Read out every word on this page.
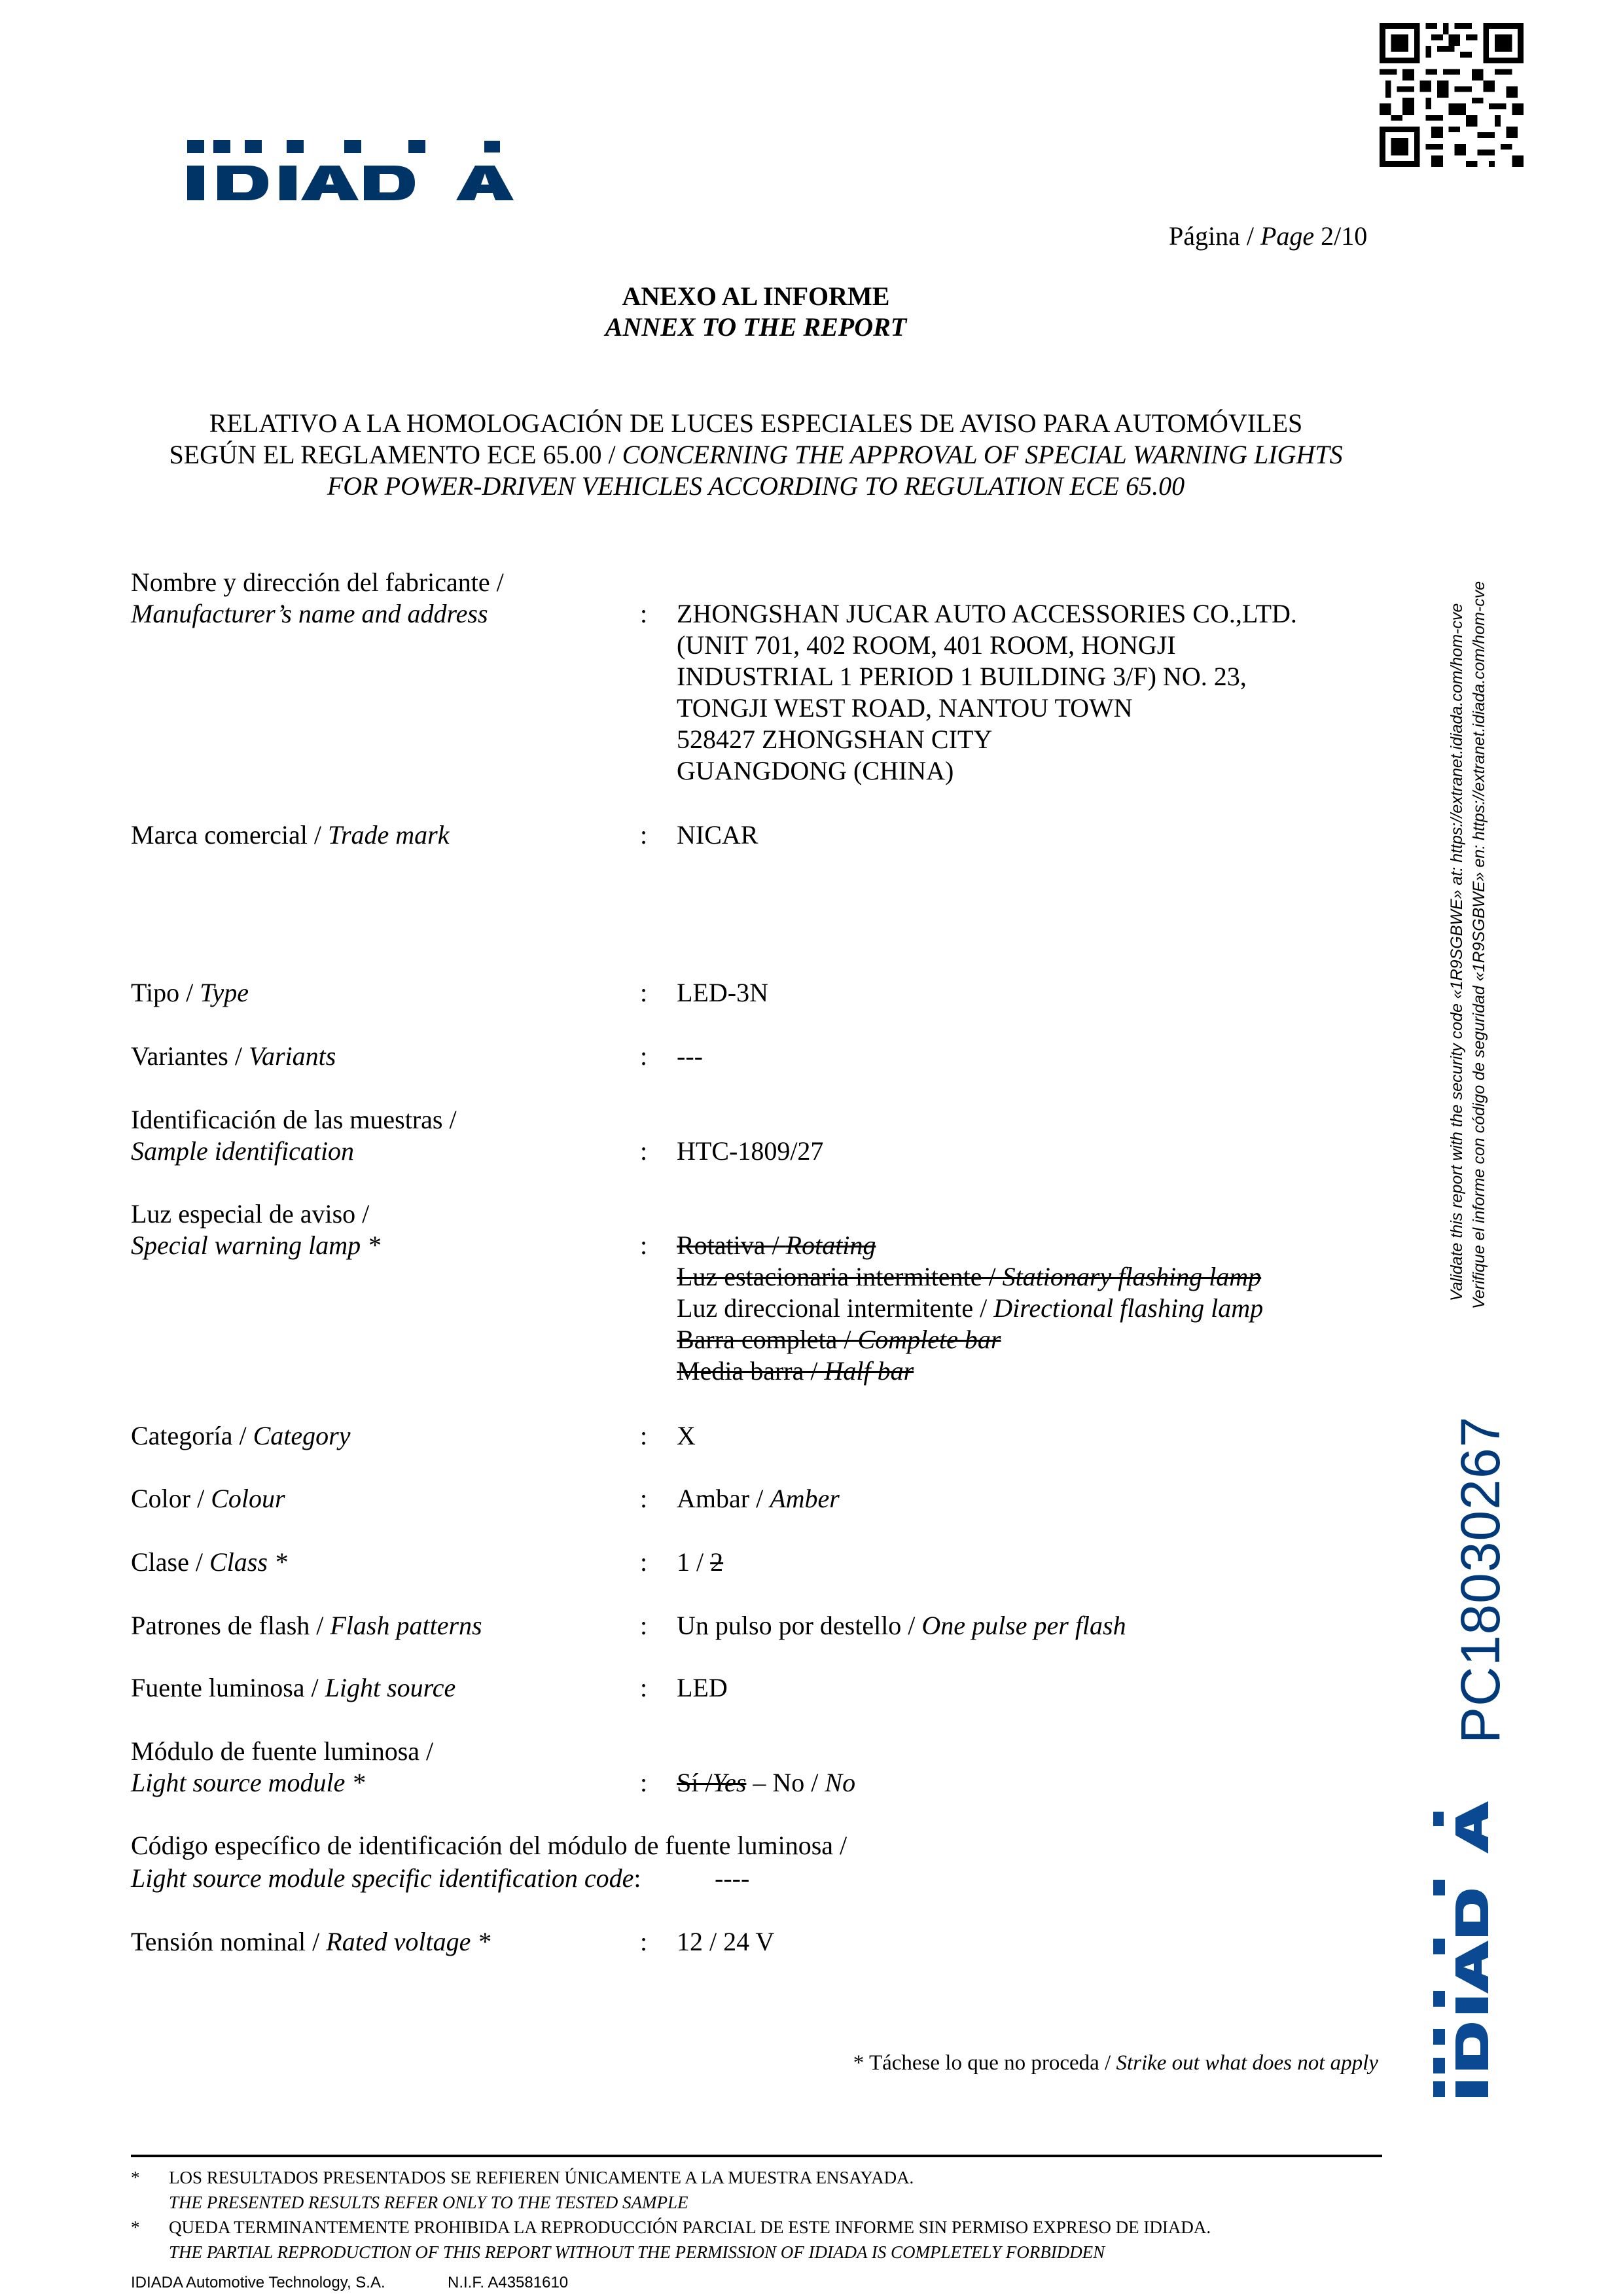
Página / Page 2/10
ANEXO AL INFORME
ANNEX TO THE REPORT
RELATIVO A LA HOMOLOGACIÓN DE LUCES ESPECIALES DE AVISO PARA AUTOMÓVILES
SEGÚN EL REGLAMENTO ECE 65.00 / CONCERNING THE APPROVAL OF SPECIAL WARNING LIGHTS
FOR POWER-DRIVEN VEHICLES ACCORDING TO REGULATION ECE 65.00
Nombre y dirección del fabricante /
Manufacturer’s name and address	: ZHONGSHAN JUCAR AUTO ACCESSORIES CO.,LTD.
(UNIT 701, 402 ROOM, 401 ROOM, HONGJI
INDUSTRIAL 1 PERIOD 1 BUILDING 3/F) NO. 23,
TONGJI WEST ROAD, NANTOU TOWN
528427 ZHONGSHAN CITY
GUANGDONG (CHINA)
Marca comercial / Trade mark	: NICAR
Tipo / Type	: LED-3N
Variantes / Variants	: ---
Identificación de las muestras /
Sample identification	: HTC-1809/27
Luz especial de aviso /
Special warning lamp *	: Rotativa / Rotating
Luz estacionaria intermitente / Stationary flashing lamp
Luz direccional intermitente / Directional flashing lamp
Barra completa / Complete bar
Media barra / Half bar
Categoría / Category	: X
Color / Colour	: Ambar / Amber
Clase / Class *	: 1 / 2
Patrones de flash / Flash patterns	: Un pulso por destello / One pulse per flash
Fuente luminosa / Light source	: LED
Módulo de fuente luminosa /
Light source module *	: Sí /Yes – No / No
Código específico de identificación del módulo de fuente luminosa /
Light source module specific identification code:	----
Tensión nominal / Rated voltage *	: 12 / 24 V
* Táchese lo que no proceda / Strike out what does not apply
* LOS RESULTADOS PRESENTADOS SE REFIEREN ÚNICAMENTE A LA MUESTRA ENSAYADA.
THE PRESENTED RESULTS REFER ONLY TO THE TESTED SAMPLE
* QUEDA TERMINANTEMENTE PROHIBIDA LA REPRODUCCIÓN PARCIAL DE ESTE INFORME SIN PERMISO EXPRESO DE IDIADA.
THE PARTIAL REPRODUCTION OF THIS REPORT WITHOUT THE PERMISSION OF IDIADA IS COMPLETELY FORBIDDEN
IDIADA Automotive Technology, S.A.	N.I.F. A43581610
Validate this report with the security code «1R9SGBWE» at: https://extranet.idiada.com/hom-cve Verifique el informe con código de seguridad «1R9SGBWE» en: https://extranet.idiada.com/hom-cve
PC18030267
